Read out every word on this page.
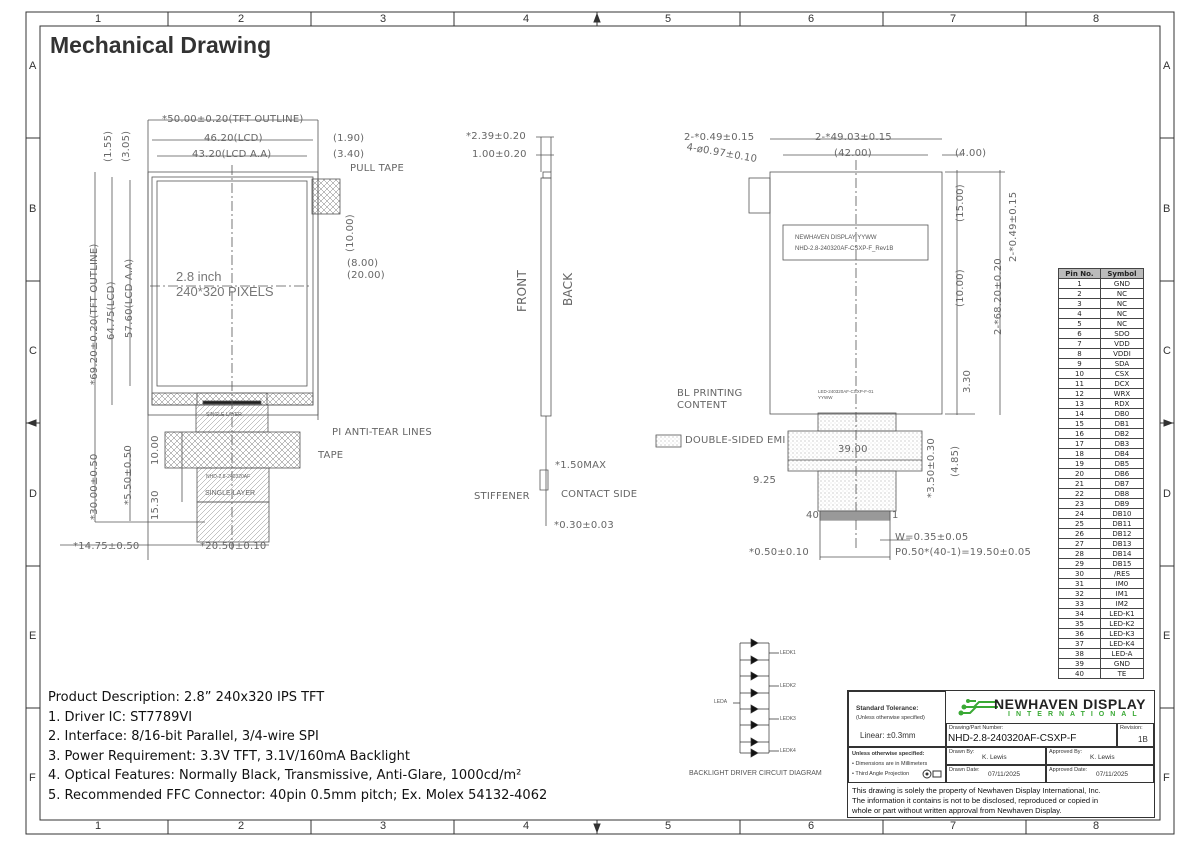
1	2	3	4	5	6	7	8
1	2	3	4	5	6	7	8
A
B
C
D
E
F
A
B
C
D
E
F
Mechanical Drawing
*50.00±0.20(TFT OUTLINE)
46.20(LCD)
43.20(LCD A.A)
(1.90)
(3.40)
PULL TAPE
(10.00)
(8.00)
(20.00)
(1.55) (3.05)
*69.20±0.20(TFT OUTLINE) 64.75(LCD) 57.60(LCD A.A)	2.8 inch
240*320 PIXELS
PI ANTI-TEAR LINES
TAPE
SINGLE LAYER
NHD-2.8-240320AF
SINGLE LAYER
*30.00±0.50 *5.50±0.50 10.00
15.30
*14.75±0.50	*20.50±0.10
*2.39±0.20
1.00±0.20
FRONT	BACK
*1.50MAX
STIFFENER	CONTACT SIDE
*0.30±0.03
2-*0.49±0.15	2-*49.03±0.15
4-ø0.97±0.10	(42.00)	(4.00)
NEWHAVEN DISPLAY YYWW
NHD-2.8-240320AF-CSXP-F_Rev1B
(15.00)
(10.00)	2-*68.20±0.20
2-*0.49±0.15
3.30
BL PRINTING
CONTENT
LED-240320AF-CSXP-F-01
YYWW
DOUBLE-SIDED EMI
39.00
9.25	*3.50±0.30 (4.85)
40	1
W=0.35±0.05
*0.50±0.10	P0.50*(40-1)=19.50±0.05
LEDA
LEDK1
LEDK2
LEDK3
LEDK4
BACKLIGHT DRIVER CIRCUIT DIAGRAM
Product Description: 2.8” 240x320 IPS TFT
1. Driver IC: ST7789VI
2. Interface: 8/16-bit Parallel, 3/4-wire SPI
3. Power Requirement: 3.3V TFT, 3.1V/160mA Backlight
4. Optical Features: Normally Black, Transmissive, Anti-Glare, 1000cd/m²
5. Recommended FFC Connector: 40pin 0.5mm pitch; Ex. Molex 54132-4062
Pin No.	Symbol
1	GND
2	NC
3	NC
4	NC
5	NC
6	SDO
7	VDD
8	VDDI
9	SDA
10	CSX
11	DCX
12	WRX
13	RDX
14	DB0
15	DB1
16	DB2
17	DB3
18	DB4
19	DB5
20	DB6
21	DB7
22	DB8
23	DB9
24	DB10
25	DB11
26	DB12
27	DB13
28	DB14
29	DB15
30	/RES
31	IM0
32	IM1
33	IM2
34	LED-K1
35	LED-K2
36	LED-K3
37	LED-K4
38	LED-A
39	GND
40	TE
Standard Tolerance:
(Unless otherwise specified)
Linear: ±0.3mm
NEWHAVEN DISPLAY
INTERNATIONAL
Drawing/Part Number:
NHD-2.8-240320AF-CSXP-F
Revision:
1B
Unless otherwise specified:
• Dimensions are in Millimeters
• Third Angle Projection
Drawn By:
K. Lewis
Approved By:
K. Lewis
Drawn Date:
07/11/2025
Approved Date:
07/11/2025
This drawing is solely the property of Newhaven Display International, Inc.
The information it contains is not to be disclosed, reproduced or copied in
whole or part without written approval from Newhaven Display.
